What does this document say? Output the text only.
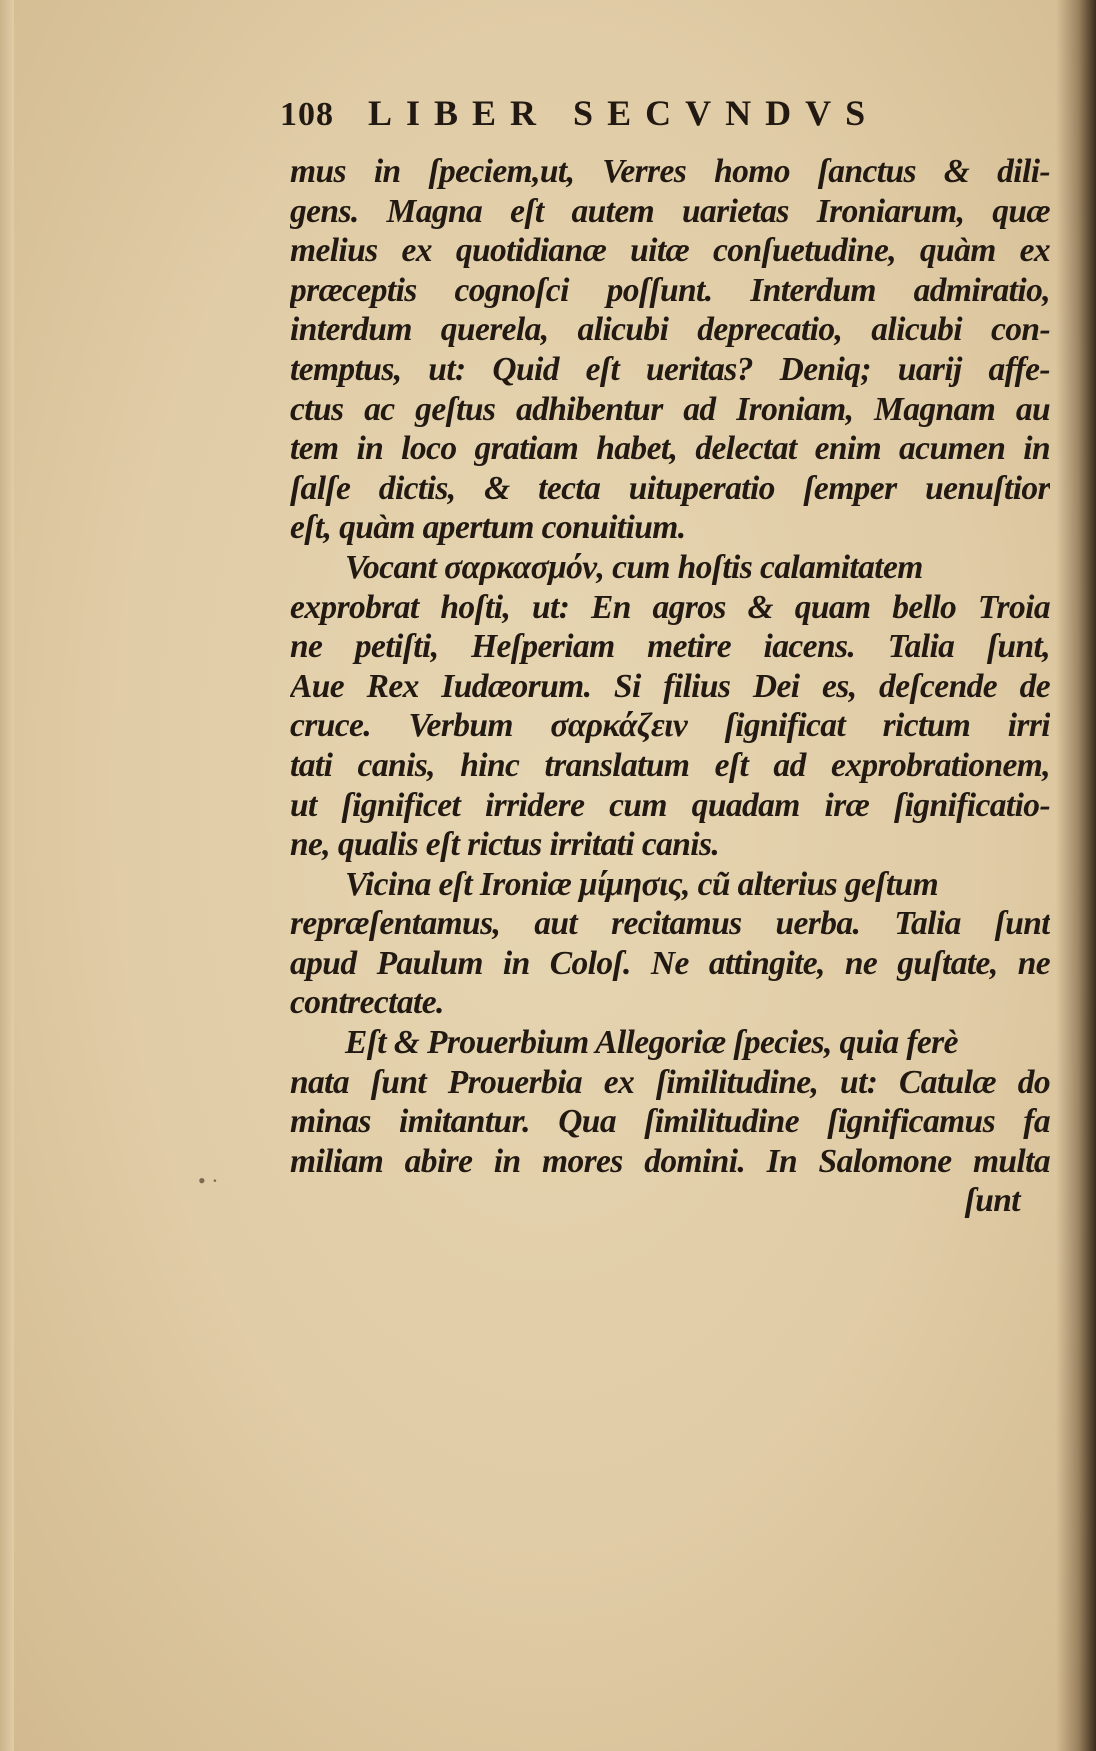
• ·
108 LIBER SECVNDVS
mus in ſpeciem,ut, Verres homo ſanctus & dili-
gens. Magna eſt autem uarietas Ironiarum, quæ
melius ex quotidianæ uitæ conſuetudine, quàm ex
præceptis cognoſci poſſunt. Interdum admiratio,
interdum querela, alicubi deprecatio, alicubi con-
temptus, ut: Quid eſt ueritas? Deniq; uarij affe-
ctus ac geſtus adhibentur ad Ironiam, Magnam au
tem in loco gratiam habet, delectat enim acumen in
ſalſe dictis, & tecta uituperatio ſemper uenuſtior
eſt, quàm apertum conuitium.
Vocant σαρκασμόν, cum hoſtis calamitatem
exprobrat hoſti, ut: En agros & quam bello Troia
ne petiſti, Heſperiam metire iacens. Talia ſunt,
Aue Rex Iudæorum. Si filius Dei es, deſcende de
cruce. Verbum σαρκάζειν ſignificat rictum irri
tati canis, hinc translatum eſt ad exprobrationem,
ut ſignificet irridere cum quadam iræ ſignificatio-
ne, qualis eſt rictus irritati canis.
Vicina eſt Ironiæ μίμησις, cũ alterius geſtum
repræſentamus, aut recitamus uerba. Talia ſunt
apud Paulum in Coloſ. Ne attingite, ne guſtate, ne
contrectate.
Eſt & Prouerbium Allegoriæ ſpecies, quia ferè
nata ſunt Prouerbia ex ſimilitudine, ut: Catulæ do
minas imitantur. Qua ſimilitudine ſignificamus fa
miliam abire in mores domini. In Salomone multa
ſunt
